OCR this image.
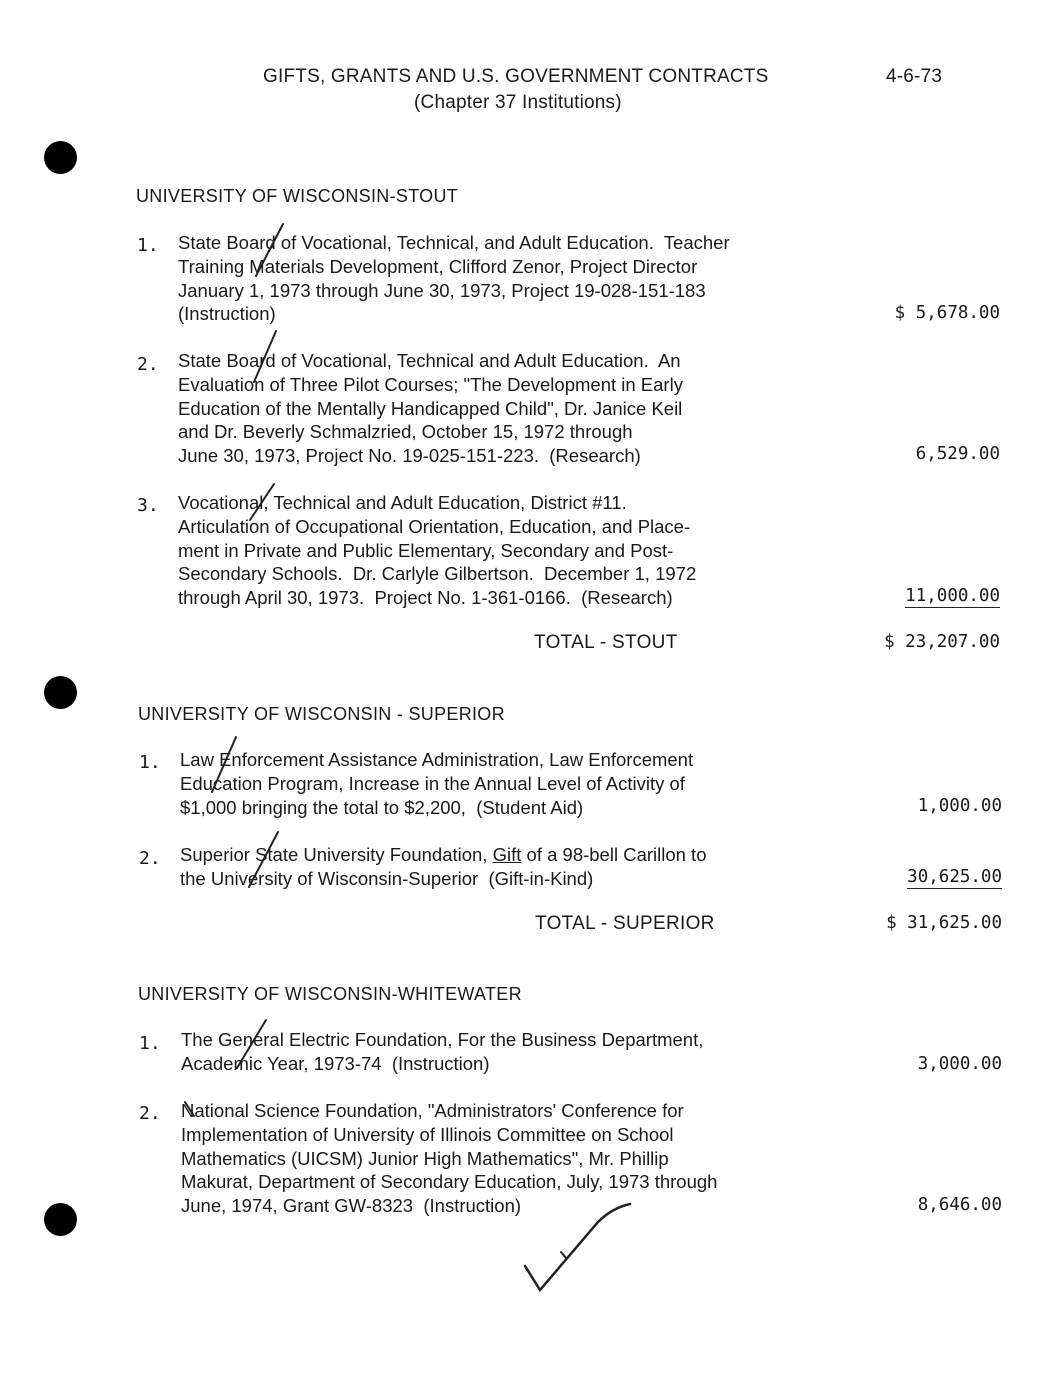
GIFTS, GRANTS AND U.S. GOVERNMENT CONTRACTS
(Chapter 37 Institutions)
4-6-73
UNIVERSITY OF WISCONSIN-STOUT
1. State Board of Vocational, Technical, and Adult Education.  Teacher
Training Materials Development, Clifford Zenor, Project Director
January 1, 1973 through June 30, 1973, Project 19-028-151-183
(Instruction)	$ 5,678.00
2. State Board of Vocational, Technical and Adult Education.  An
Evaluation of Three Pilot Courses; "The Development in Early
Education of the Mentally Handicapped Child", Dr. Janice Keil
and Dr. Beverly Schmalzried, October 15, 1972 through
June 30, 1973, Project No. 19-025-151-223.  (Research)	6,529.00
3. Vocational, Technical and Adult Education, District #11.
Articulation of Occupational Orientation, Education, and Place-
ment in Private and Public Elementary, Secondary and Post-
Secondary Schools.  Dr. Carlyle Gilbertson.  December 1, 1972
through April 30, 1973.  Project No. 1-361-0166.  (Research)	11,000.00
TOTAL - STOUT	$ 23,207.00
UNIVERSITY OF WISCONSIN - SUPERIOR
1. Law Enforcement Assistance Administration, Law Enforcement
Education Program, Increase in the Annual Level of Activity of
$1,000 bringing the total to $2,200,  (Student Aid)	1,000.00
2. Superior State University Foundation, Gift of a 98-bell Carillon to
the University of Wisconsin-Superior  (Gift-in-Kind)	30,625.00
TOTAL - SUPERIOR	$ 31,625.00
UNIVERSITY OF WISCONSIN-WHITEWATER
1. The General Electric Foundation, For the Business Department,
Academic Year, 1973-74  (Instruction)	3,000.00
2. National Science Foundation, "Administrators' Conference for
Implementation of University of Illinois Committee on School
Mathematics (UICSM) Junior High Mathematics", Mr. Phillip
Makurat, Department of Secondary Education, July, 1973 through
June, 1974, Grant GW-8323  (Instruction)	8,646.00
